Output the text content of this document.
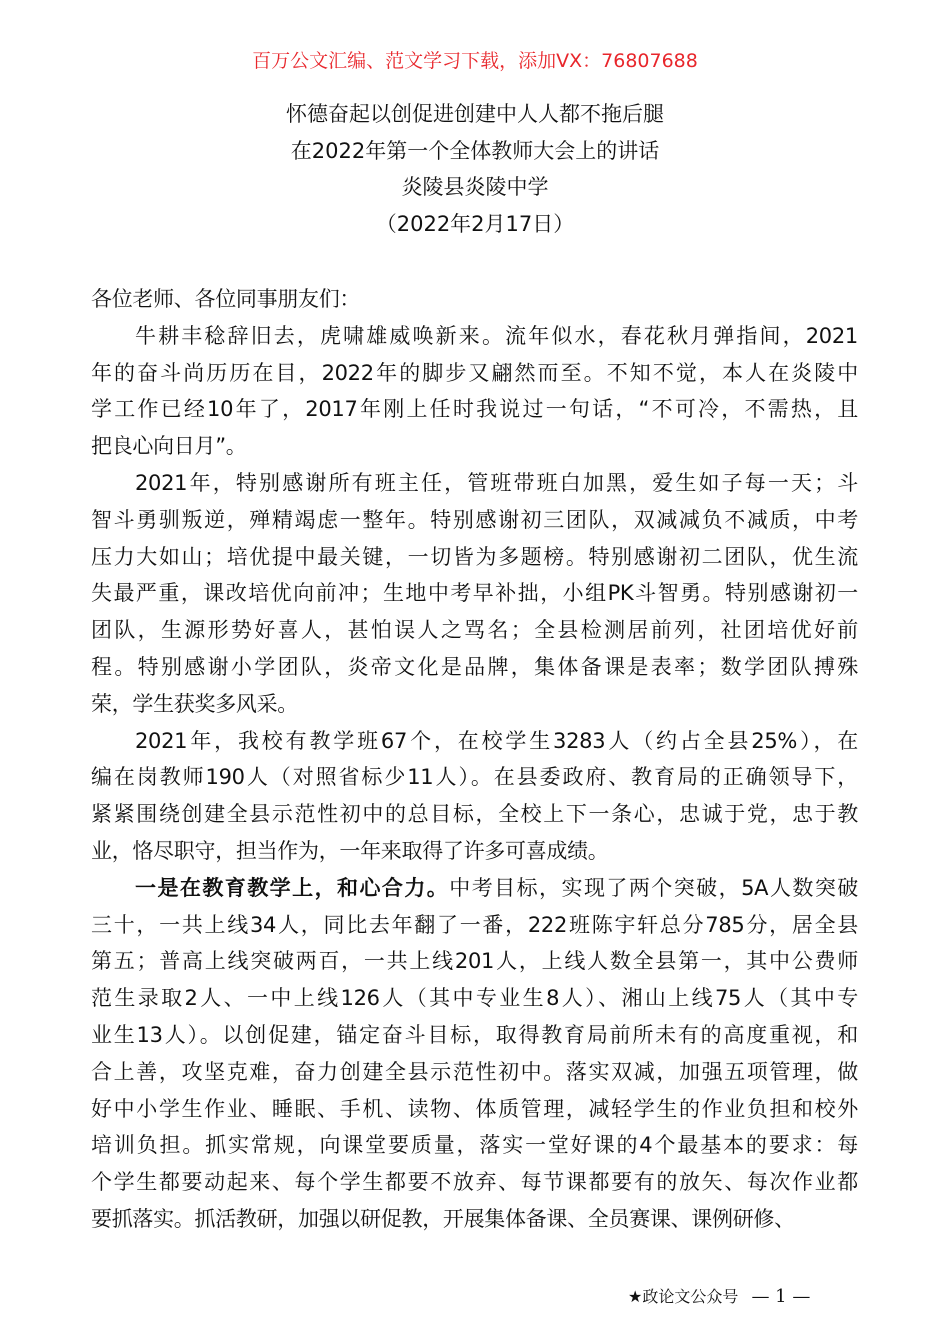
百万公文汇编、范文学习下载，添加VX：76807688
怀德奋起以创促进创建中人人都不拖后腿
在2022年第一个全体教师大会上的讲话
炎陵县炎陵中学
（2022年2月17日）
各位老师、各位同事朋友们：
牛耕丰稔辞旧去，虎啸雄威唤新来。流年似水，春花秋月弹指间，2021
年的奋斗尚历历在目，2022年的脚步又翩然而至。不知不觉，本人在炎陵中
学工作已经10年了，2017年刚上任时我说过一句话，“不可冷，不需热，且
把良心向日月”。
2021年，特别感谢所有班主任，管班带班白加黑，爱生如子每一天；斗
智斗勇驯叛逆，殚精竭虑一整年。特别感谢初三团队，双减减负不减质，中考
压力大如山；培优提中最关键，一切皆为多题榜。特别感谢初二团队，优生流
失最严重，课改培优向前冲；生地中考早补拙，小组PK斗智勇。特别感谢初一
团队，生源形势好喜人，甚怕误人之骂名；全县检测居前列，社团培优好前
程。特别感谢小学团队，炎帝文化是品牌，集体备课是表率；数学团队搏殊
荣，学生获奖多风采。
2021年，我校有教学班67个，在校学生3283人（约占全县25%），在
编在岗教师190人（对照省标少11人）。在县委政府、教育局的正确领导下，
紧紧围绕创建全县示范性初中的总目标，全校上下一条心，忠诚于党，忠于教
业，恪尽职守，担当作为，一年来取得了许多可喜成绩。
一是在教育教学上，和心合力。中考目标，实现了两个突破，5A人数突破
三十，一共上线34人，同比去年翻了一番，222班陈宇轩总分785分，居全县
第五；普高上线突破两百，一共上线201人，上线人数全县第一，其中公费师
范生录取2人、一中上线126人（其中专业生8人）、湘山上线75人（其中专
业生13人）。以创促建，锚定奋斗目标，取得教育局前所未有的高度重视，和
合上善，攻坚克难，奋力创建全县示范性初中。落实双减，加强五项管理，做
好中小学生作业、睡眠、手机、读物、体质管理，减轻学生的作业负担和校外
培训负担。抓实常规，向课堂要质量，落实一堂好课的4个最基本的要求：每
个学生都要动起来、每个学生都要不放弃、每节课都要有的放矢、每次作业都
要抓落实。抓活教研，加强以研促教，开展集体备课、全员赛课、课例研修、
★政论文公众号 — 1 —
